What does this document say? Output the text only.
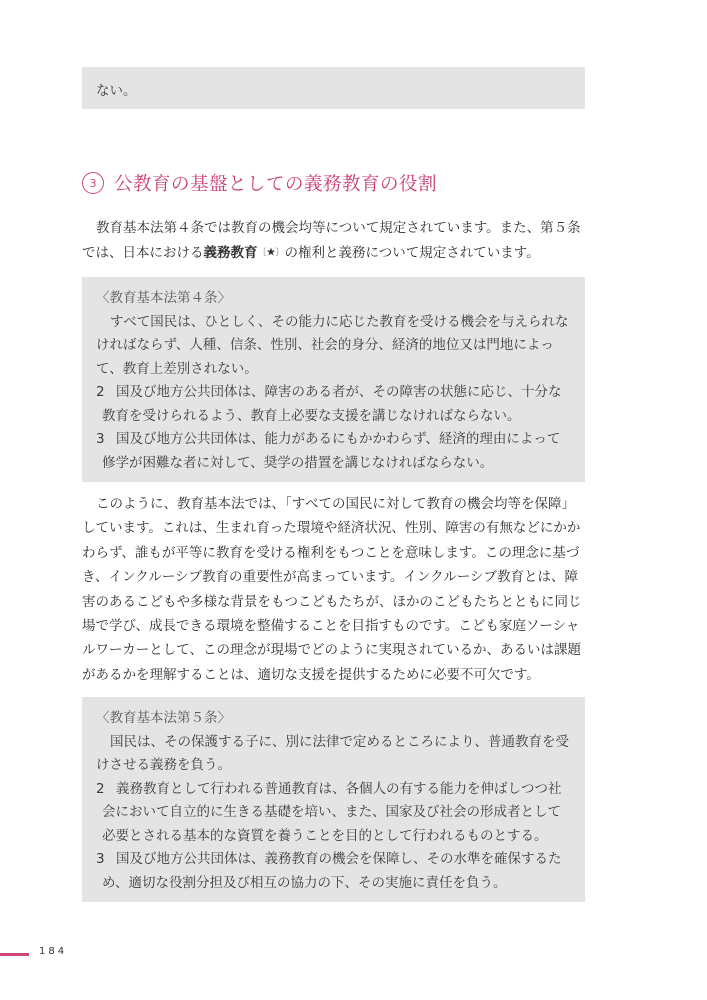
ない。

3 公教育の基盤としての義務教育の役割
教育基本法第４条では教育の機会均等について規定されています。また、第５条
では、日本における義務教育〔★〕の権利と義務について規定されています。
〈教育基本法第４条〉
すべて国民は、ひとしく、その能力に応じた教育を受ける機会を与えられな
ければならず、人種、信条、性別、社会的身分、経済的地位又は門地によっ
て、教育上差別されない。
2 国及び地方公共団体は、障害のある者が、その障害の状態に応じ、十分な
教育を受けられるよう、教育上必要な支援を講じなければならない。
3 国及び地方公共団体は、能力があるにもかかわらず、経済的理由によって
修学が困難な者に対して、奨学の措置を講じなければならない。
このように、教育基本法では、「すべての国民に対して教育の機会均等を保障」
しています。これは、生まれ育った環境や経済状況、性別、障害の有無などにかか
わらず、誰もが平等に教育を受ける権利をもつことを意味します。この理念に基づ
き、インクルーシブ教育の重要性が高まっています。インクルーシブ教育とは、障
害のあるこどもや多様な背景をもつこどもたちが、ほかのこどもたちとともに同じ
場で学び、成長できる環境を整備することを目指すものです。こども家庭ソーシャ
ルワーカーとして、この理念が現場でどのように実現されているか、あるいは課題
があるかを理解することは、適切な支援を提供するために必要不可欠です。
〈教育基本法第５条〉
国民は、その保護する子に、別に法律で定めるところにより、普通教育を受
けさせる義務を負う。
2 義務教育として行われる普通教育は、各個人の有する能力を伸ばしつつ社
会において自立的に生きる基礎を培い、また、国家及び社会の形成者として
必要とされる基本的な資質を養うことを目的として行われるものとする。
3 国及び地方公共団体は、義務教育の機会を保障し、その水準を確保するた
め、適切な役割分担及び相互の協力の下、その実施に責任を負う。
184
